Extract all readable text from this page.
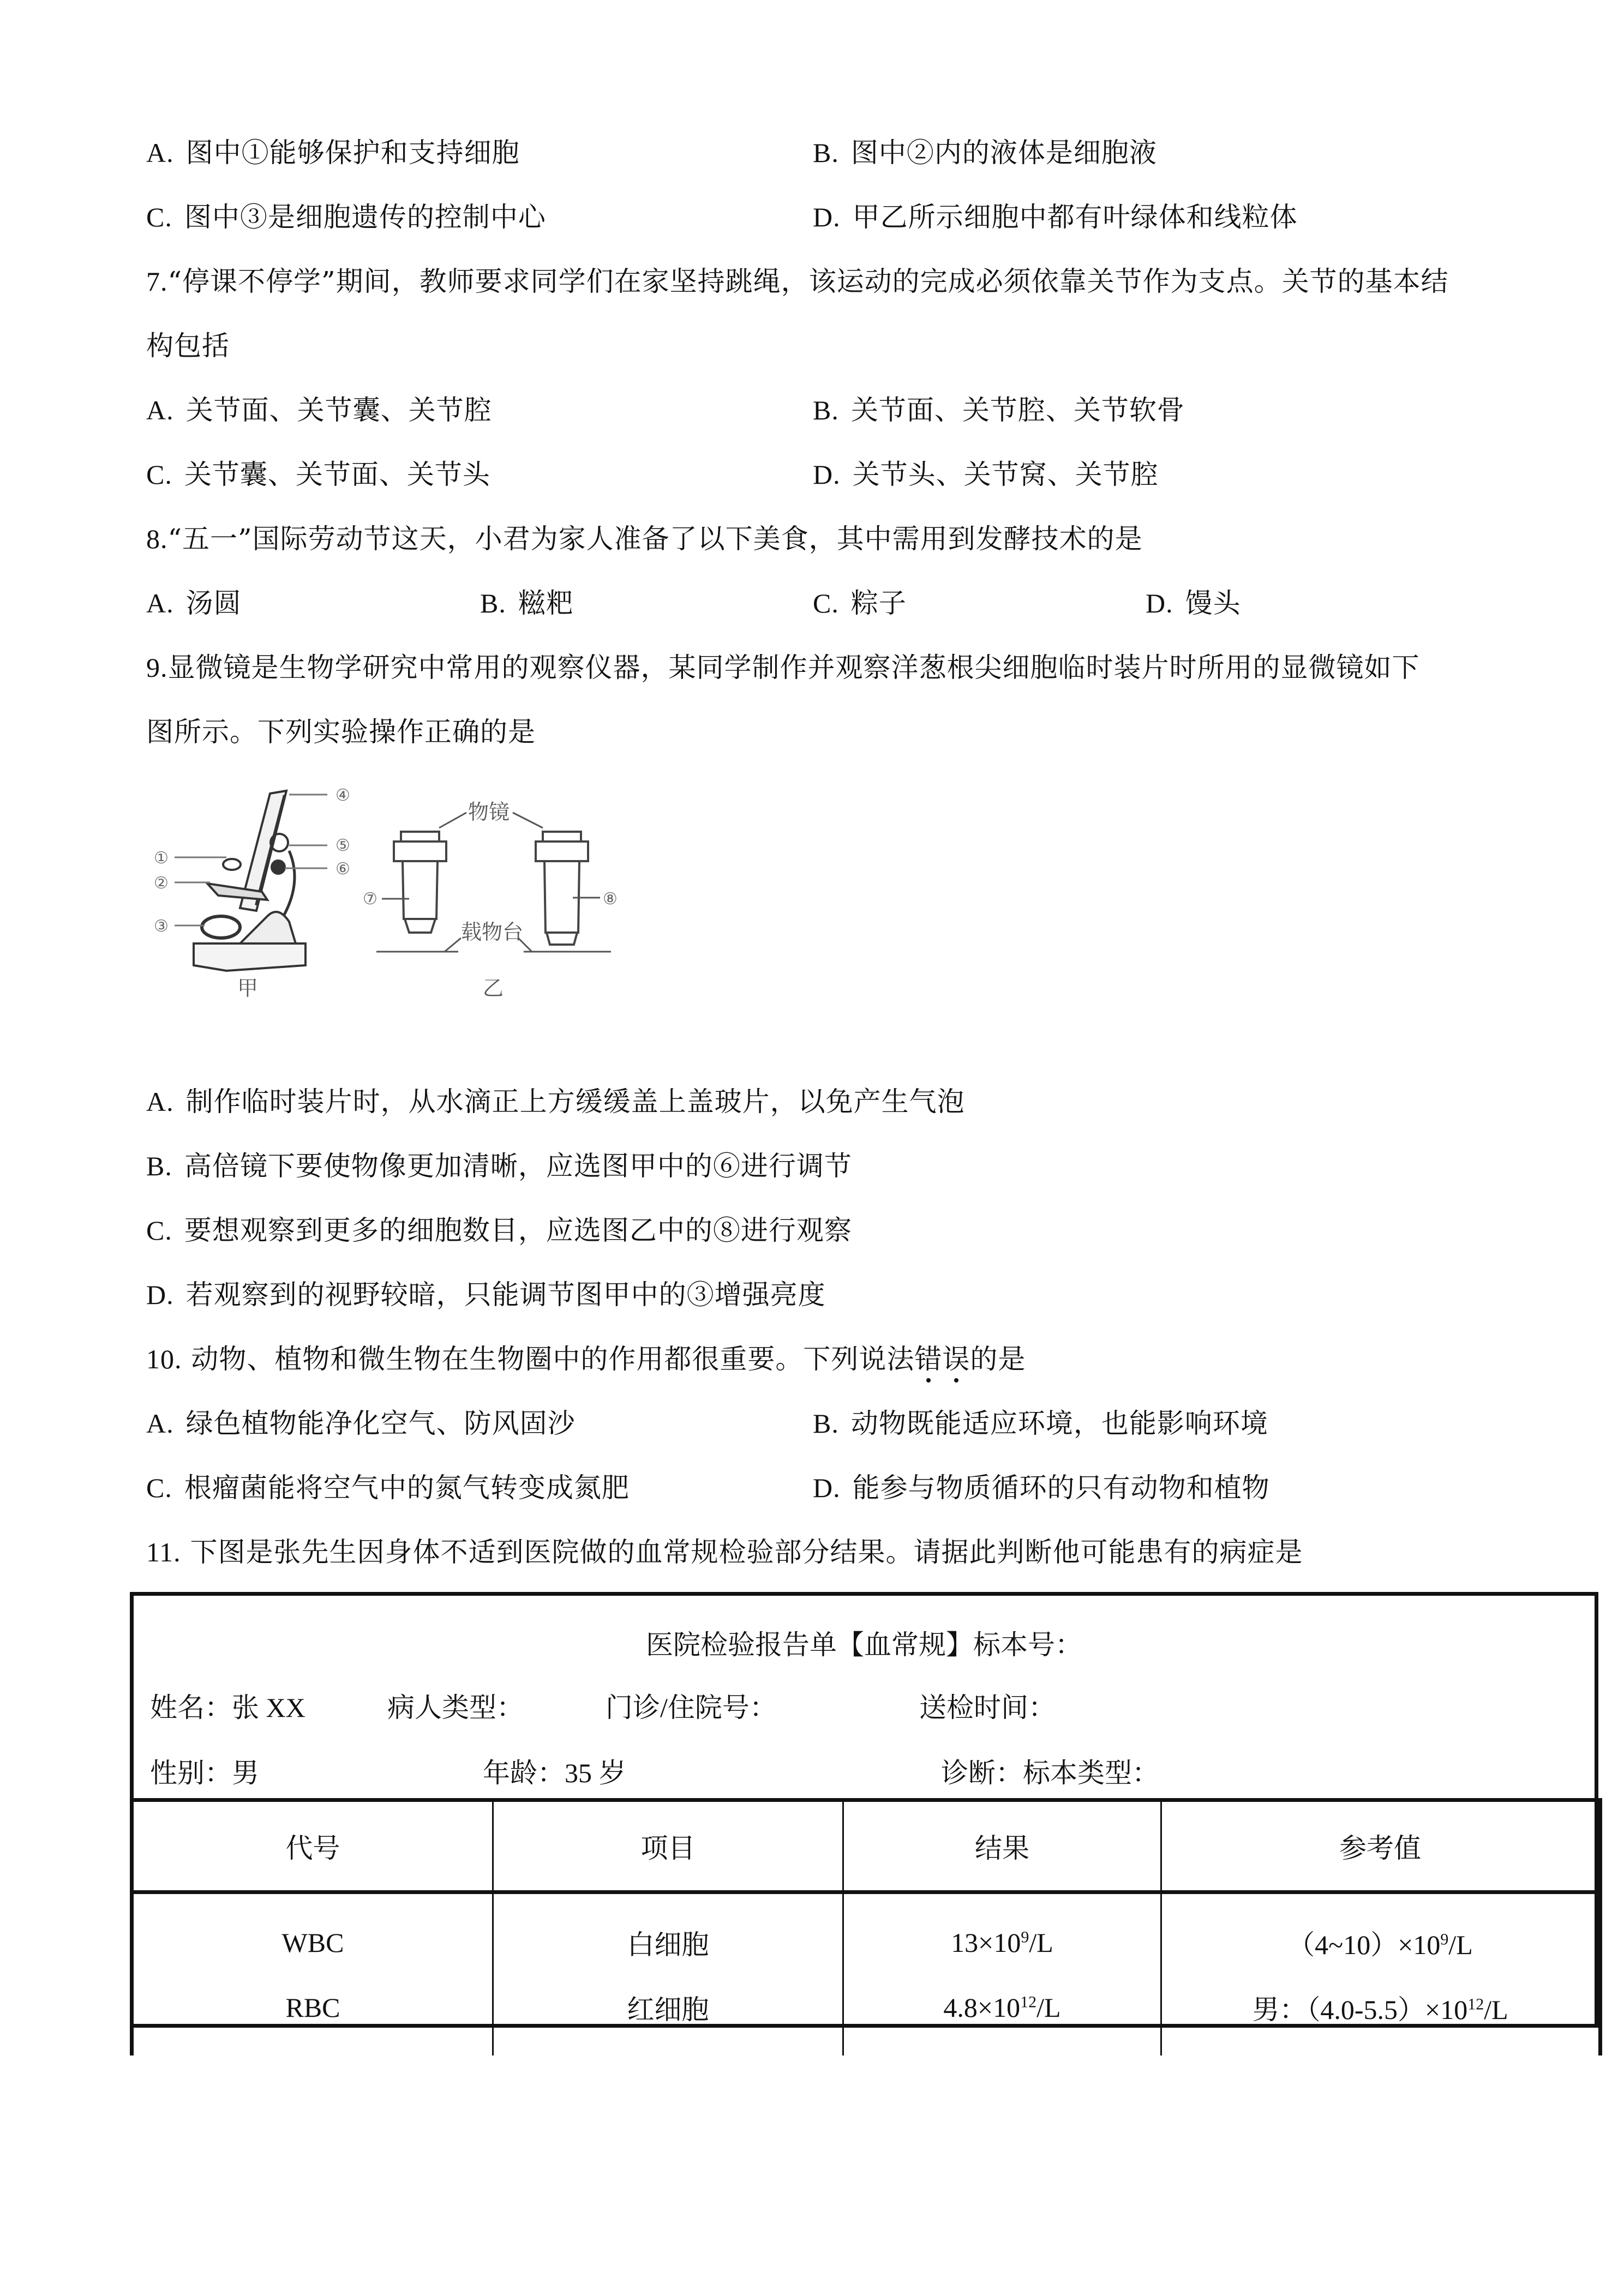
A. 图中①能够保护和支持细胞	B. 图中②内的液体是细胞液
C. 图中③是细胞遗传的控制中心	D. 甲乙所示细胞中都有叶绿体和线粒体
7.“停课不停学”期间，教师要求同学们在家坚持跳绳，该运动的完成必须依靠关节作为支点。关节的基本结
构包括
A. 关节面、关节囊、关节腔	B. 关节面、关节腔、关节软骨
C. 关节囊、关节面、关节头	D. 关节头、关节窝、关节腔
8.“五一”国际劳动节这天，小君为家人准备了以下美食，其中需用到发酵技术的是
A. 汤圆	B. 糍粑	C. 粽子	D. 馒头
9.显微镜是生物学研究中常用的观察仪器，某同学制作并观察洋葱根尖细胞临时装片时所用的显微镜如下
图所示。下列实验操作正确的是
④
⑤
⑥
①
②
③
甲
物镜
载物台
⑦	⑧
乙
A. 制作临时装片时，从水滴正上方缓缓盖上盖玻片，以免产生气泡
B. 高倍镜下要使物像更加清晰，应选图甲中的⑥进行调节
C. 要想观察到更多的细胞数目，应选图乙中的⑧进行观察
D. 若观察到的视野较暗，只能调节图甲中的③增强亮度
10. 动物、植物和微生物在生物圈中的作用都很重要。下列说法错误的是
A. 绿色植物能净化空气、防风固沙	B. 动物既能适应环境，也能影响环境
C. 根瘤菌能将空气中的氮气转变成氮肥	D. 能参与物质循环的只有动物和植物
11. 下图是张先生因身体不适到医院做的血常规检验部分结果。请据此判断他可能患有的病症是
医院检验报告单【血常规】标本号：
姓名：张 XX	病人类型：	门诊/住院号：	送检时间：
性别：男	年龄：35 岁	诊断：标本类型：
代号	项目	结果	参考值
WBC	白细胞	$13\times 10^9/L$	$(4\sim 10)\times 10^9/L$
RBC	红细胞	$4.8\times 10^{12}/L$	男：$(4.0-5.5)\times 10^{12}/L$
